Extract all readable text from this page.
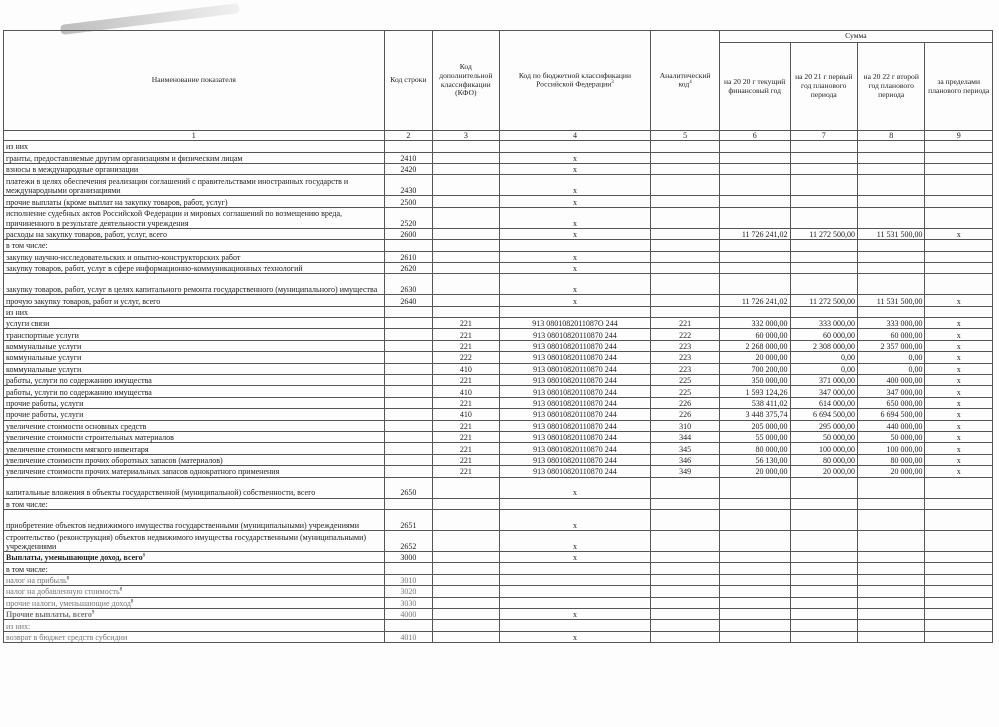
Наименование показателя	Код строки	Код дополнительной классификации (КФО)	Код по бюджетной классификации Российской Федерации$^3$	Аналитический код$^4$	Сумма			
					на 20 20 г текущий финансовый год	на 20 21 г первый год планового периода	на 20 22 г второй год планового периода	за пределами планового периода
1	2	3	4	5	6	7	8	9
из них								
гранты, предоставляемые другим организациям и физическим лицам	2410		x					
взносы в международные организации	2420		x					
платежи в целях обеспечения реализации соглашений с правительствами иностранных государств и международными организациями	2430		x					
прочие выплаты (кроме выплат на закупку товаров, работ, услуг)	2500		x					
исполнение судебных актов Российской Федерации и мировых соглашений по возмещению вреда, причиненного в результате деятельности учреждения	2520		x					
расходы на закупку товаров, работ, услуг, всего	2600		x		11 726 241,02	11 272 500,00	11 531 500,00	x
в том числе:								
закупку научно-исследовательских и опытно-конструкторских работ	2610		x					
закупку товаров, работ, услуг в сфере информационно-коммуникационных технологий	2620		x					
закупку товаров, работ, услуг в целях капитального ремонта государственного (муниципального) имущества	2630		x					
прочую закупку товаров, работ и услуг, всего	2640		x		11 726 241,02	11 272 500,00	11 531 500,00	x
из них								
услуги связи		221	913 0801082011087О 244	221	332 000,00	333 000,00	333 000,00	x
транспортные услуги		221	913 08010820110870 244	222	60 000,00	60 000,00	60 000,00	x
коммунальные услуги		221	913 08010820110870 244	223	2 268 000,00	2 308 000,00	2 357 000,00	x
коммунальные услуги		222	913 08010820110870 244	223	20 000,00	0,00	0,00	x
коммунальные услуги		410	913 08010820110870 244	223	700 200,00	0,00	0,00	x
работы, услуги по содержанию имущества		221	913 08010820110870 244	225	350 000,00	371 000,00	400 000,00	x
работы, услуги по содержанию имущества		410	913 08010820110870 244	225	1 593 124,26	347 000,00	347 000,00	x
прочие работы, услуги		221	913 08010820110870 244	226	538 411,02	614 000,00	650 000,00	x
прочие работы, услуги		410	913 08010820110870 244	226	3 448 375,74	6 694 500,00	6 694 500,00	x
увеличение стоимости основных средств		221	913 08010820110870 244	310	205 000,00	295 000,00	440 000,00	x
увеличение стоимости строительных материалов		221	913 08010820110870 244	344	55 000,00	50 000,00	50 000,00	x
увеличение стоимости мягкого инвентаря		221	913 08010820110870 244	345	80 000,00	100 000,00	100 000,00	x
увеличение стоимости прочих оборотных запасов (материалов)		221	913 08010820110870 244	346	56 130,00	80 000,00	80 000,00	x
увеличение стоимости прочих материальных запасов однократного применения		221	913 08010820110870 244	349	20 000,00	20 000,00	20 000,00	x
капитальные вложения в объекты государственной (муниципальной) собственности, всего	2650		x					
в том числе:								
приобретение объектов недвижимого имущества государственными (муниципальными) учреждениями	2651		x					
строительство (реконструкция) объектов недвижимого имущества государственными (муниципальными) учреждениями	2652		x					
Выплаты, уменьшающие доход, всего$^8$	3000		x					
в том числе:								
налог на прибыль$^8$	3010							
налог на добавленную стоимость$^8$	3020							
прочие налоги, уменьшающие доход$^8$	3030							
Прочие выплаты, всего$^9$	4000		x					
из них:								
возврат в бюджет средств субсидии	4010		x					
